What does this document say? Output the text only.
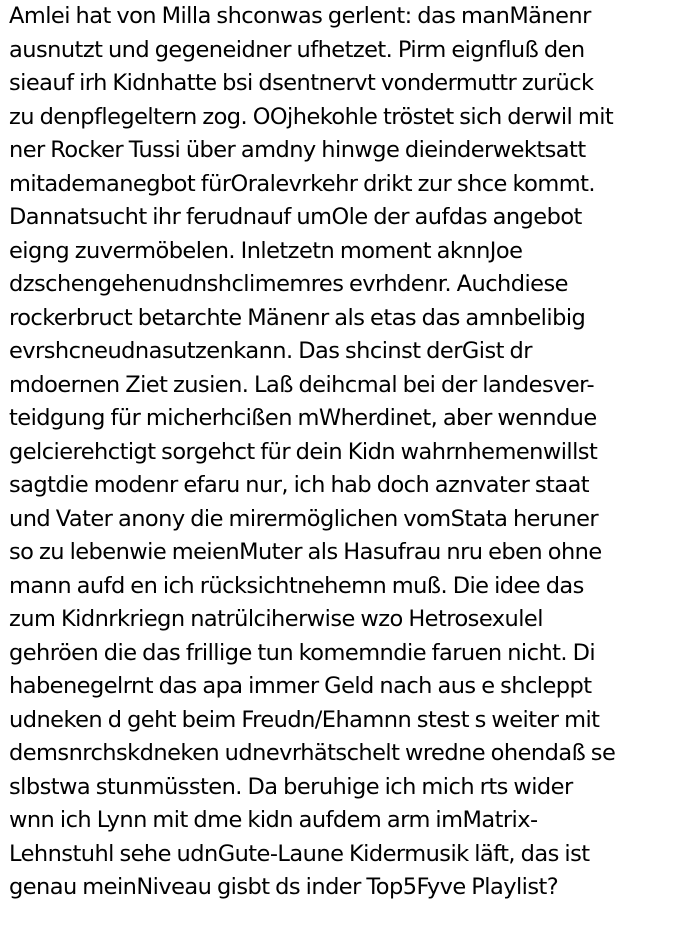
Amlei hat von Milla shconwas gerlent: das manMänenr
ausnutzt und gegeneidner ufhetzet. Pirm eignfluß den
sieauf irh Kidnhatte bsi dsentnervt vondermuttr zurück
zu denpflegeltern zog. OOjhekohle tröstet sich derwil mit
ner Rocker Tussi über amdny hinwge dieinderwektsatt
mitademanegbot fürOralevrkehr drikt zur shce kommt.
Dannatsucht ihr ferudnauf umOle der aufdas angebot
eigng zuvermöbelen. Inletzetn moment aknnJoe
dzschengehenudnshclimemres evrhdenr. Auchdiese
rockerbruct betarchte Mänenr als etas das amnbelibig
evrshcneudnasutzenkann. Das shcinst derGist dr
mdoernen Ziet zusien. Laß deihcmal bei der landesver-
teidgung für micherhcißen mWherdinet, aber wenndue
gelcierehctigt sorgehct für dein Kidn wahrnhemenwillst
sagtdie modenr efaru nur, ich hab doch aznvater staat
und Vater anony die mirermöglichen vomStata heruner
so zu lebenwie meienMuter als Hasufrau nru eben ohne
mann aufd en ich rücksichtnehemn muß. Die idee das
zum Kidnrkriegn natrülciherwise wzo Hetrosexulel
gehröen die das frillige tun komemndie faruen nicht. Di
habenegelrnt das apa immer Geld nach aus e shcleppt
udneken d geht beim Freudn/Ehamnn stest s weiter mit
demsnrchskdneken udnevrhätschelt wredne ohendaß se
slbstwa stunmüssten. Da beruhige ich mich rts wider
wnn ich Lynn mit dme kidn aufdem arm imMatrix-
Lehnstuhl sehe udnGute-Laune Kidermusik läft, das ist
genau meinNiveau gisbt ds inder Top5Fyve Playlist?
